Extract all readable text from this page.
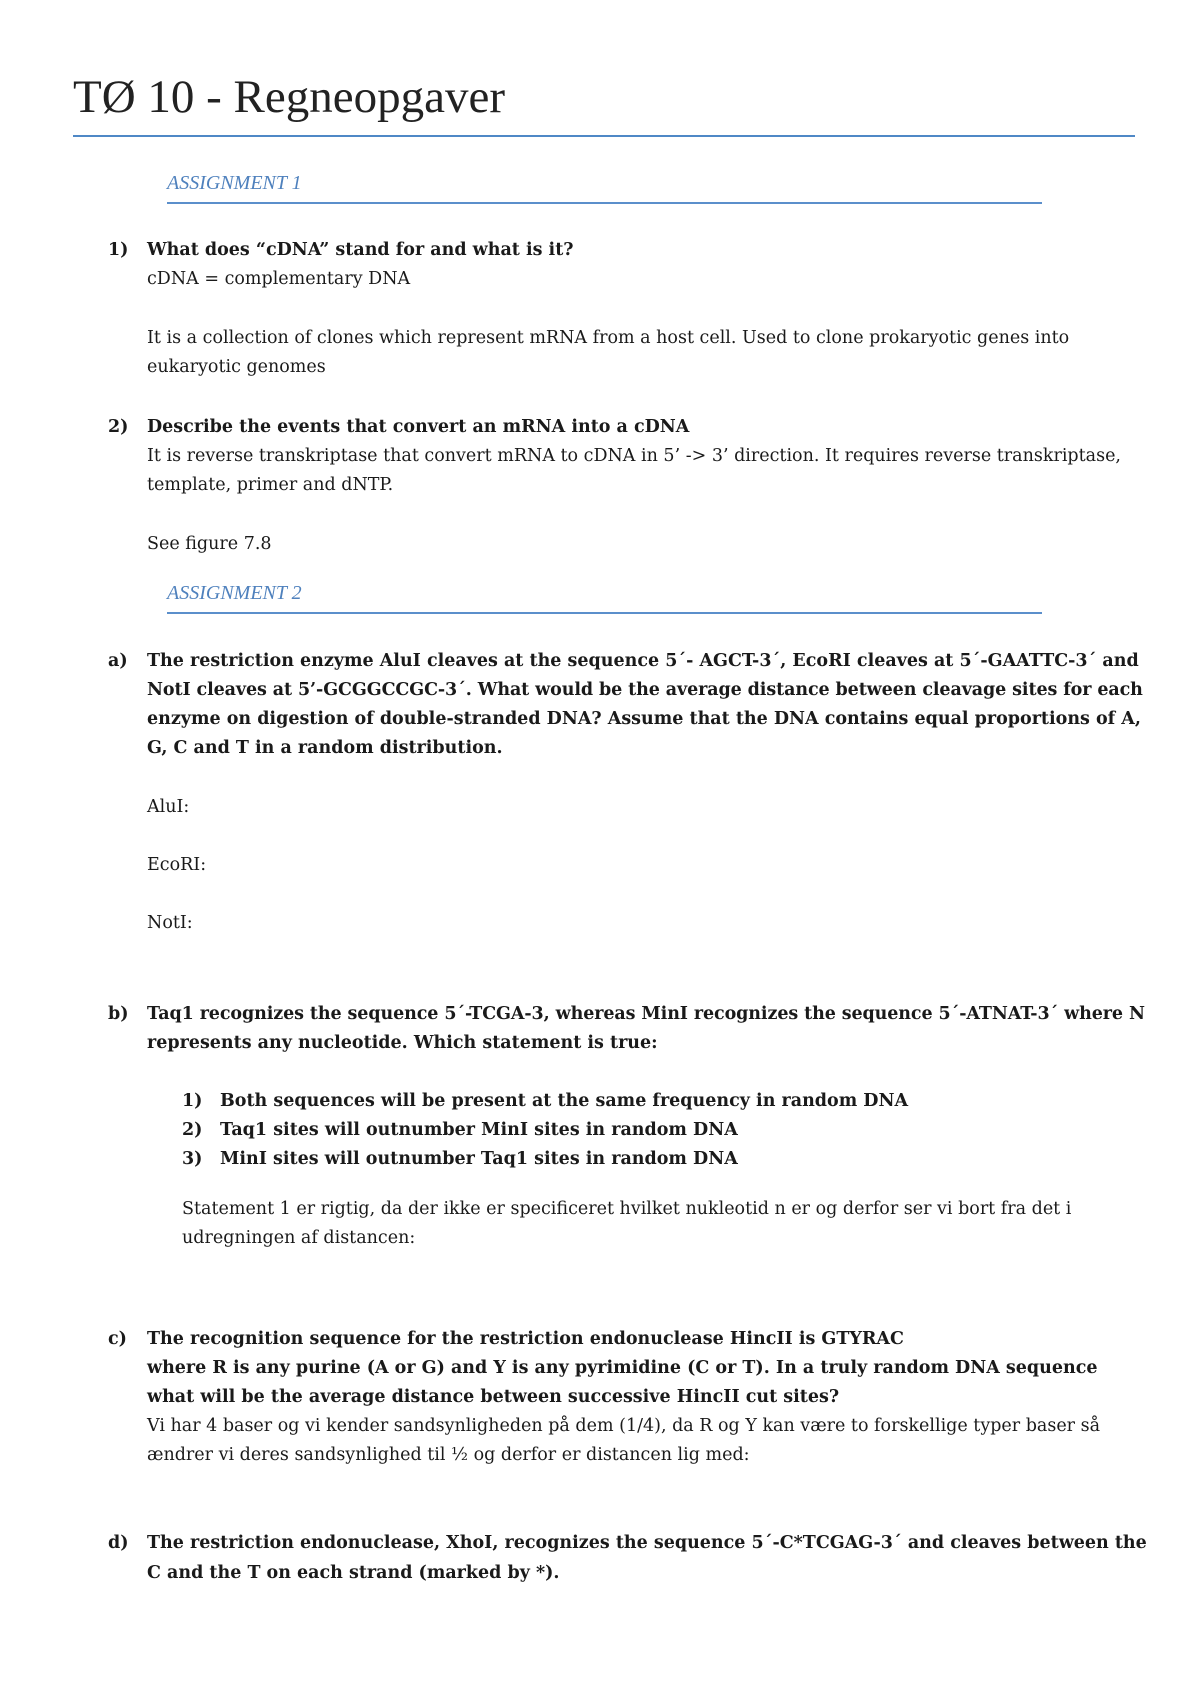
TØ 10 - Regneopgaver
ASSIGNMENT 1
1) What does “cDNA” stand for and what is it?
cDNA = complementary DNA
It is a collection of clones which represent mRNA from a host cell. Used to clone prokaryotic genes into
eukaryotic genomes
2) Describe the events that convert an mRNA into a cDNA
It is reverse transkriptase that convert mRNA to cDNA in 5’ -> 3’ direction. It requires reverse transkriptase,
template, primer and dNTP.
See figure 7.8
ASSIGNMENT 2
a) The restriction enzyme AluI cleaves at the sequence 5´- AGCT-3´, EcoRI cleaves at 5´-GAATTC-3´ and
NotI cleaves at 5’-GCGGCCGC-3´. What would be the average distance between cleavage sites for each
enzyme on digestion of double-stranded DNA? Assume that the DNA contains equal proportions of A,
G, C and T in a random distribution.
AluI:
EcoRI:
NotI:
b) Taq1 recognizes the sequence 5´-TCGA-3, whereas MinI recognizes the sequence 5´-ATNAT-3´ where N
represents any nucleotide. Which statement is true:
1) Both sequences will be present at the same frequency in random DNA
2) Taq1 sites will outnumber MinI sites in random DNA
3) MinI sites will outnumber Taq1 sites in random DNA
Statement 1 er rigtig, da der ikke er specificeret hvilket nukleotid n er og derfor ser vi bort fra det i
udregningen af distancen:
c) The recognition sequence for the restriction endonuclease HincII is GTYRAC
where R is any purine (A or G) and Y is any pyrimidine (C or T). In a truly random DNA sequence
what will be the average distance between successive HincII cut sites?
Vi har 4 baser og vi kender sandsynligheden på dem (1/4), da R og Y kan være to forskellige typer baser så
ændrer vi deres sandsynlighed til ½ og derfor er distancen lig med:
d) The restriction endonuclease, XhoI, recognizes the sequence 5´-C*TCGAG-3´ and cleaves between the
C and the T on each strand (marked by *).
